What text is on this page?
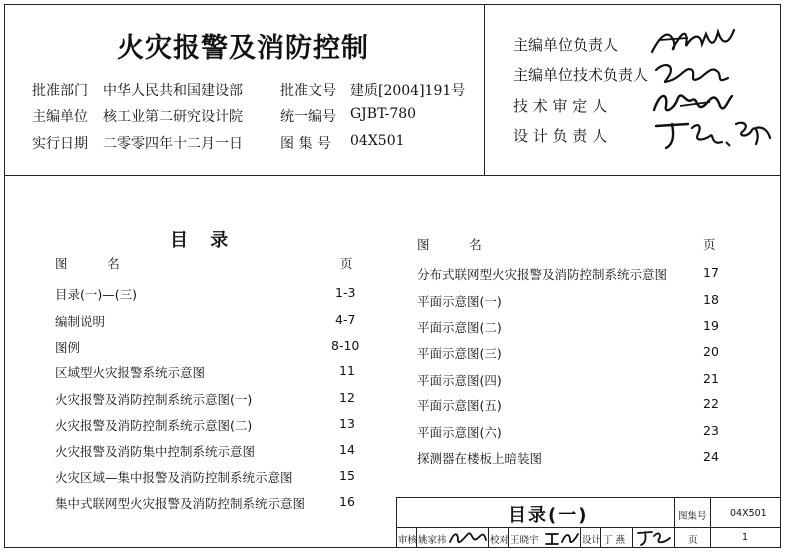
火灾报警及消防控制
批准部门 中华人民共和国建设部	批准文号 建质[2004]191号
主编单位 核工业第二研究设计院	统一编号 GJBT-780
实行日期 二零零四年十二月一日	图 集 号 04X501
主编单位负责人
主编单位技术负责人
技 术 审 定 人
设 计 负 责 人
目 录
图          名	页
图          名	页
目录(一)—(三)	1-3
编制说明	4-7
图例	8-10
区域型火灾报警系统示意图	11
火灾报警及消防控制系统示意图(一)	12
火灾报警及消防控制系统示意图(二)	13
火灾报警及消防集中控制系统示意图	14
火灾区域—集中报警及消防控制系统示意图	15
集中式联网型火灾报警及消防控制系统示意图	16
分布式联网型火灾报警及消防控制系统示意图	17
平面示意图(一)	18
平面示意图(二)	19
平面示意图(三)	20
平面示意图(四)	21
平面示意图(五)	22
平面示意图(六)	23
探测器在楼板上暗装图	24
目录(一)	图集号 04X501
页	1
审核 姚家祎	校对 王晓宇	设计 丁 燕
